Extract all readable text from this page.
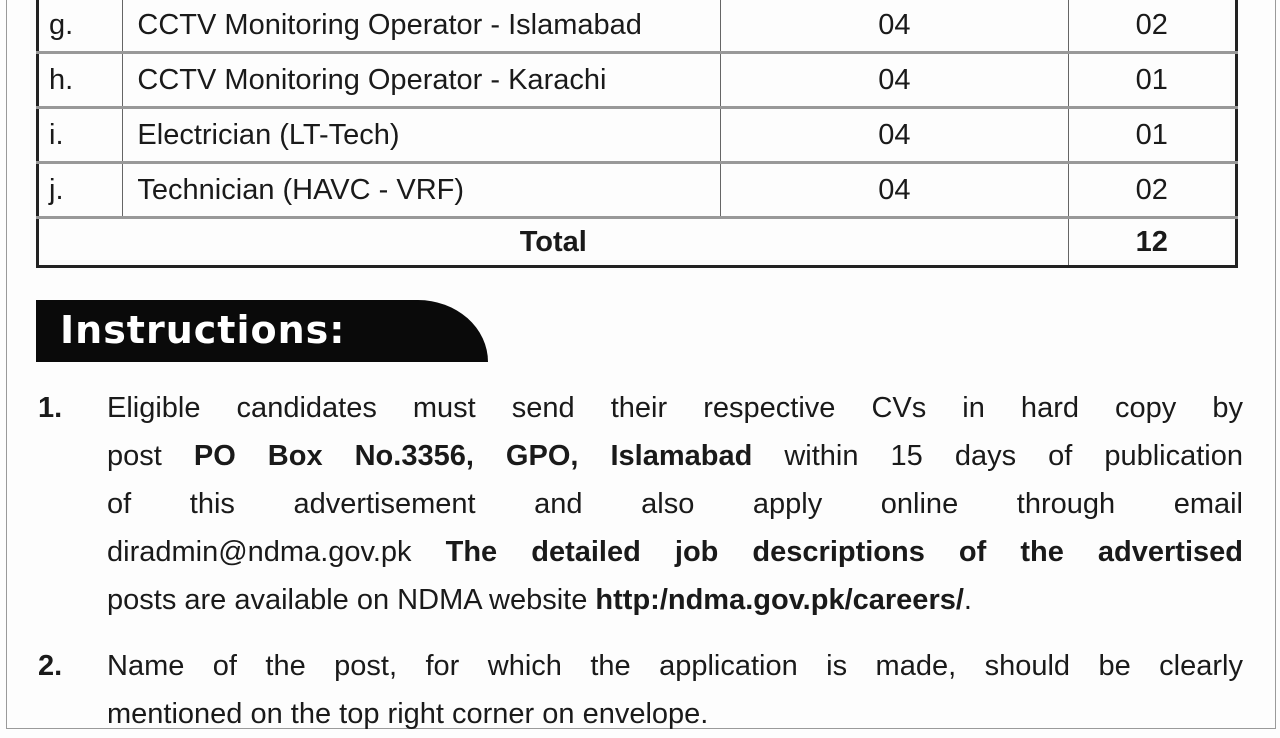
g.	CCTV Monitoring Operator - Islamabad	04	02
h.	CCTV Monitoring Operator - Karachi	04	01
i.	Electrician (LT-Tech)	04	01
j.	Technician (HAVC - VRF)	04	02
Total			12
Instructions:
1. Eligible candidates must send their respective CVs in hard copy by
post PO Box No.3356, GPO, Islamabad within 15 days of publication
of this advertisement and also apply online through email
diradmin@ndma.gov.pk The detailed job descriptions of the advertised
posts are available on NDMA website http:/ndma.gov.pk/careers/.
2. Name of the post, for which the application is made, should be clearly
mentioned on the top right corner on envelope.
